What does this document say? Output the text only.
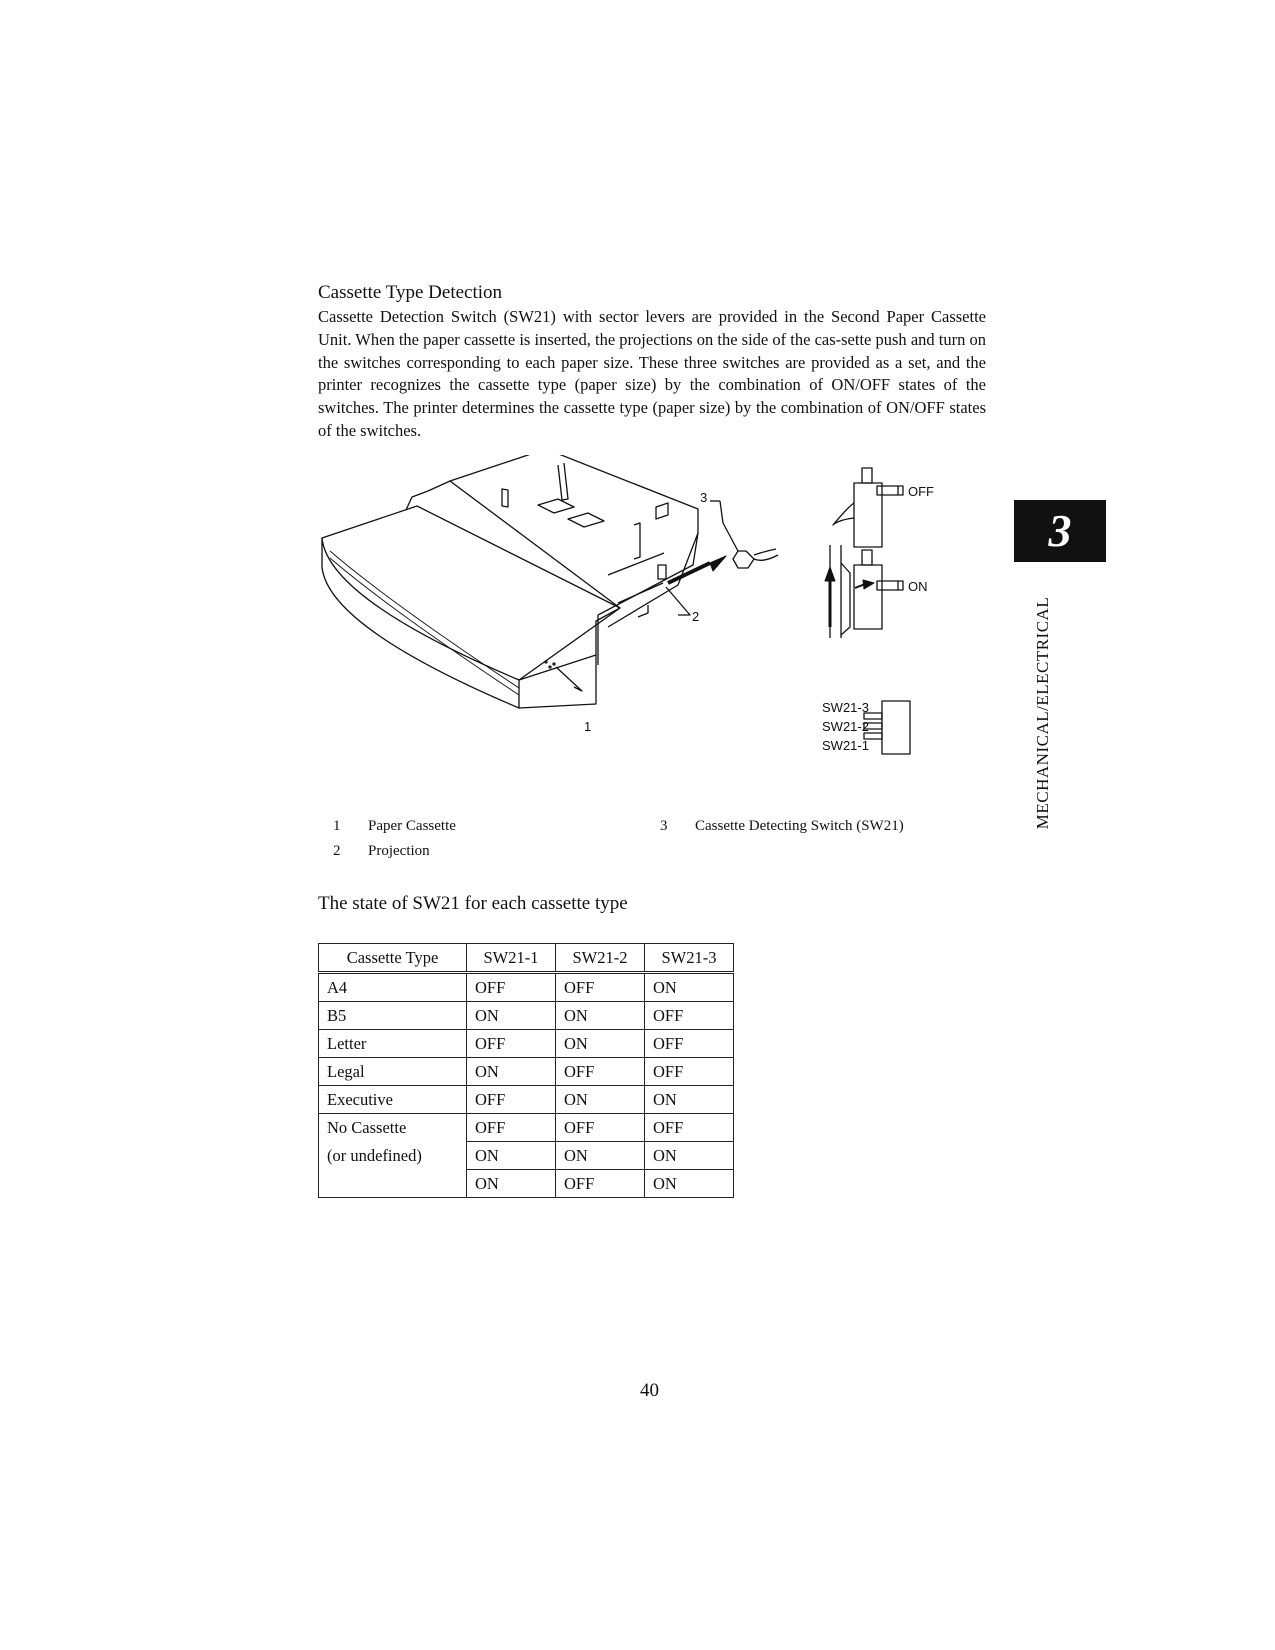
Cassette Type Detection

Cassette Detection Switch (SW21) with sector levers are provided in the Second Paper Cassette Unit. When the paper cassette is inserted, the projections on the side of the cas-sette push and turn on the switches corresponding to each paper size. These three switches are provided as a set, and the printer recognizes the cassette type (paper size) by the combination of ON/OFF states of the switches. The printer determines the cassette type (paper size) by the combination of ON/OFF states of the switches.

3
2
1
OFF
ON
SW21-3
SW21-2
SW21-1
1 Paper Cassette
2 Projection
3 Cassette Detecting Switch (SW21)
The state of SW21 for each cassette type
Cassette Type	SW21-1	SW21-2	SW21-3
A4	OFF	OFF	ON
B5	ON	ON	OFF
Letter	OFF	ON	OFF
Legal	ON	OFF	OFF
Executive	OFF	ON	ON
No Cassette	OFF	OFF	OFF
(or undefined)	ON	ON	ON
	ON	OFF	ON
3
MECHANICAL/ELECTRICAL
40
